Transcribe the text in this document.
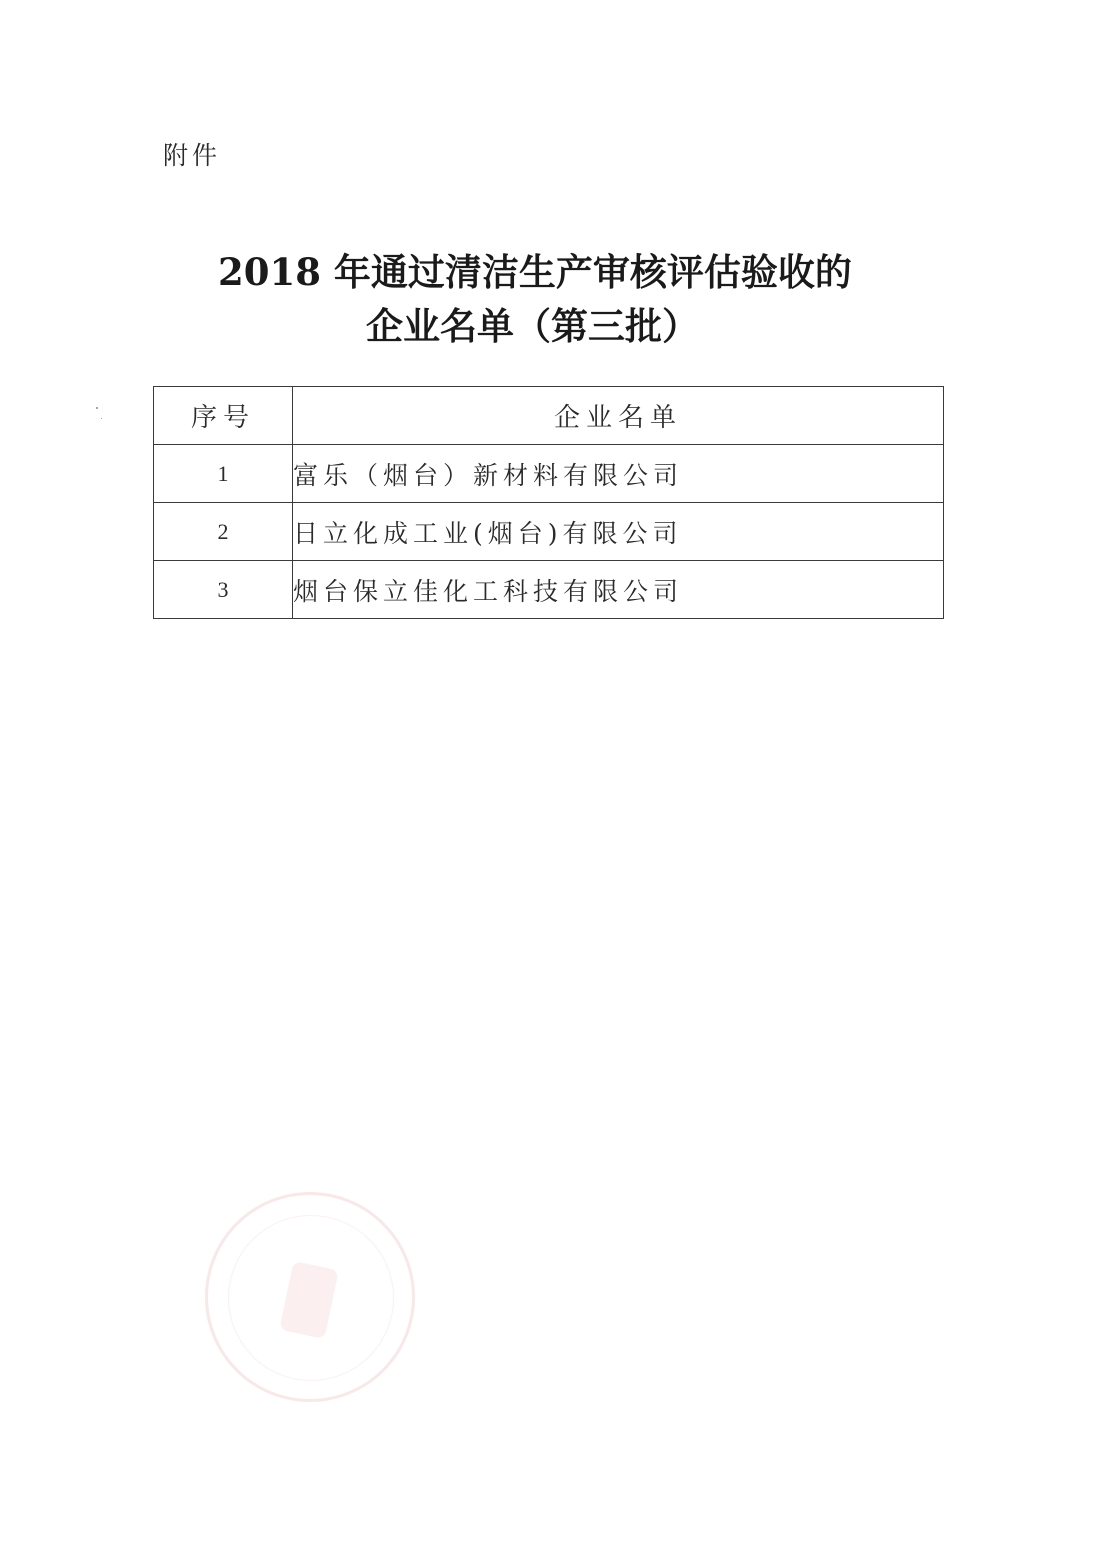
附件
2018 年通过清洁生产审核评估验收的
企业名单（第三批）
序号	企业名单
1	富乐（烟台）新材料有限公司
2	日立化成工业(烟台)有限公司
3	烟台保立佳化工科技有限公司
